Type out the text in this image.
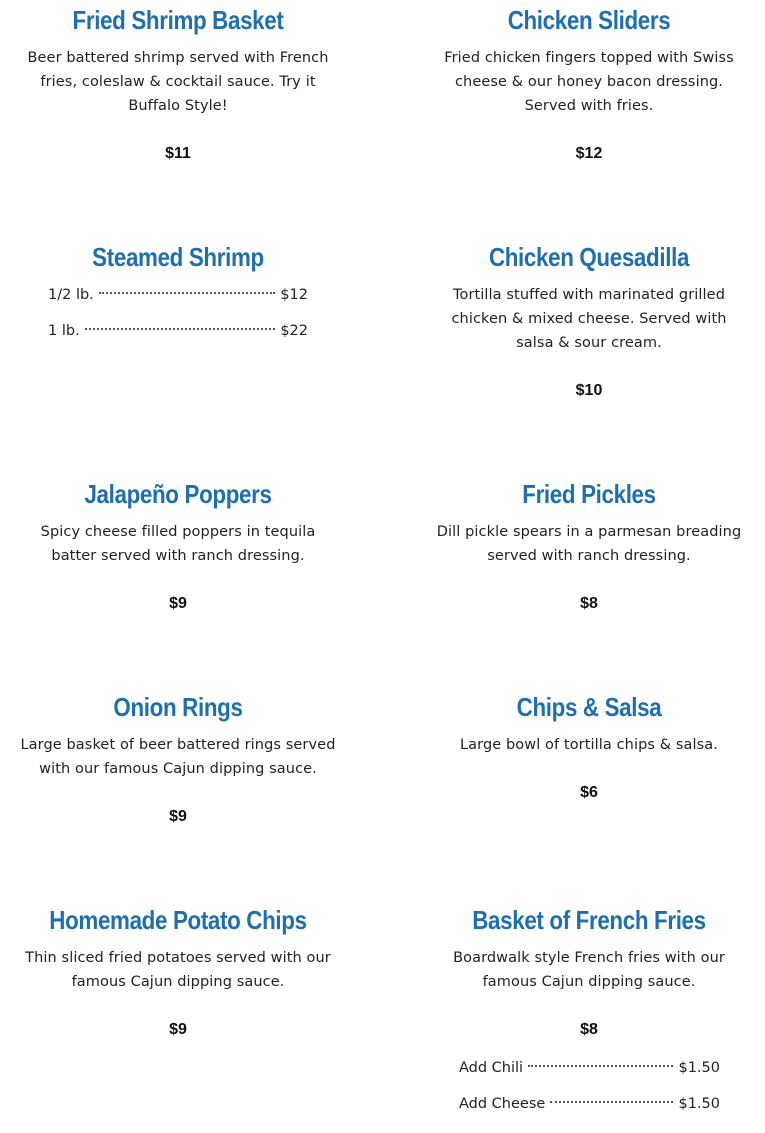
Fried Shrimp Basket

Beer battered shrimp served with French fries, coleslaw & cocktail sauce. Try it Buffalo Style!

$11
Chicken Sliders

Fried chicken fingers topped with Swiss cheese & our honey bacon dressing. Served with fries.

$12
Steamed Shrimp
1/2 lb.	$12
1 lb.	$22
Chicken Quesadilla

Tortilla stuffed with marinated grilled chicken & mixed cheese. Served with salsa & sour cream.

$10
Jalapeño Poppers

Spicy cheese filled poppers in tequila batter served with ranch dressing.

$9
Fried Pickles

Dill pickle spears in a parmesan breading served with ranch dressing.

$8
Onion Rings

Large basket of beer battered rings served with our famous Cajun dipping sauce.

$9
Chips & Salsa

Large bowl of tortilla chips & salsa.

$6
Homemade Potato Chips

Thin sliced fried potatoes served with our famous Cajun dipping sauce.

$9
Basket of French Fries

Boardwalk style French fries with our famous Cajun dipping sauce.

$8
Add Chili	$1.50
Add Cheese	$1.50
